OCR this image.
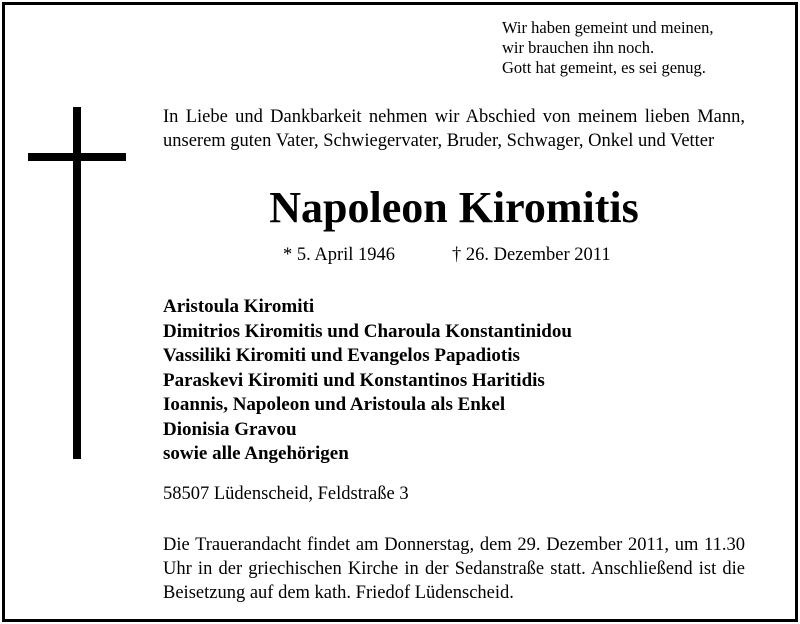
Wir haben gemeint und meinen,
wir brauchen ihn noch.
Gott hat gemeint, es sei genug.
In Liebe und Dankbarkeit nehmen wir Abschied von meinem lieben Mann, unserem guten Vater, Schwiegervater, Bruder, Schwager, Onkel und Vetter
Napoleon Kiromitis
* 5. April 1946	† 26. Dezember 2011
Aristoula Kiromiti
Dimitrios Kiromitis und Charoula Konstantinidou
Vassiliki Kiromiti und Evangelos Papadiotis
Paraskevi Kiromiti und Konstantinos Haritidis
Ioannis, Napoleon und Aristoula als Enkel
Dionisia Gravou
sowie alle Angehörigen
58507 Lüdenscheid, Feldstraße 3
Die Trauerandacht findet am Donnerstag, dem 29. Dezember 2011, um 11.30 Uhr in der griechischen Kirche in der Sedanstraße statt. Anschließend ist die Beisetzung auf dem kath. Friedof Lüdenscheid.
